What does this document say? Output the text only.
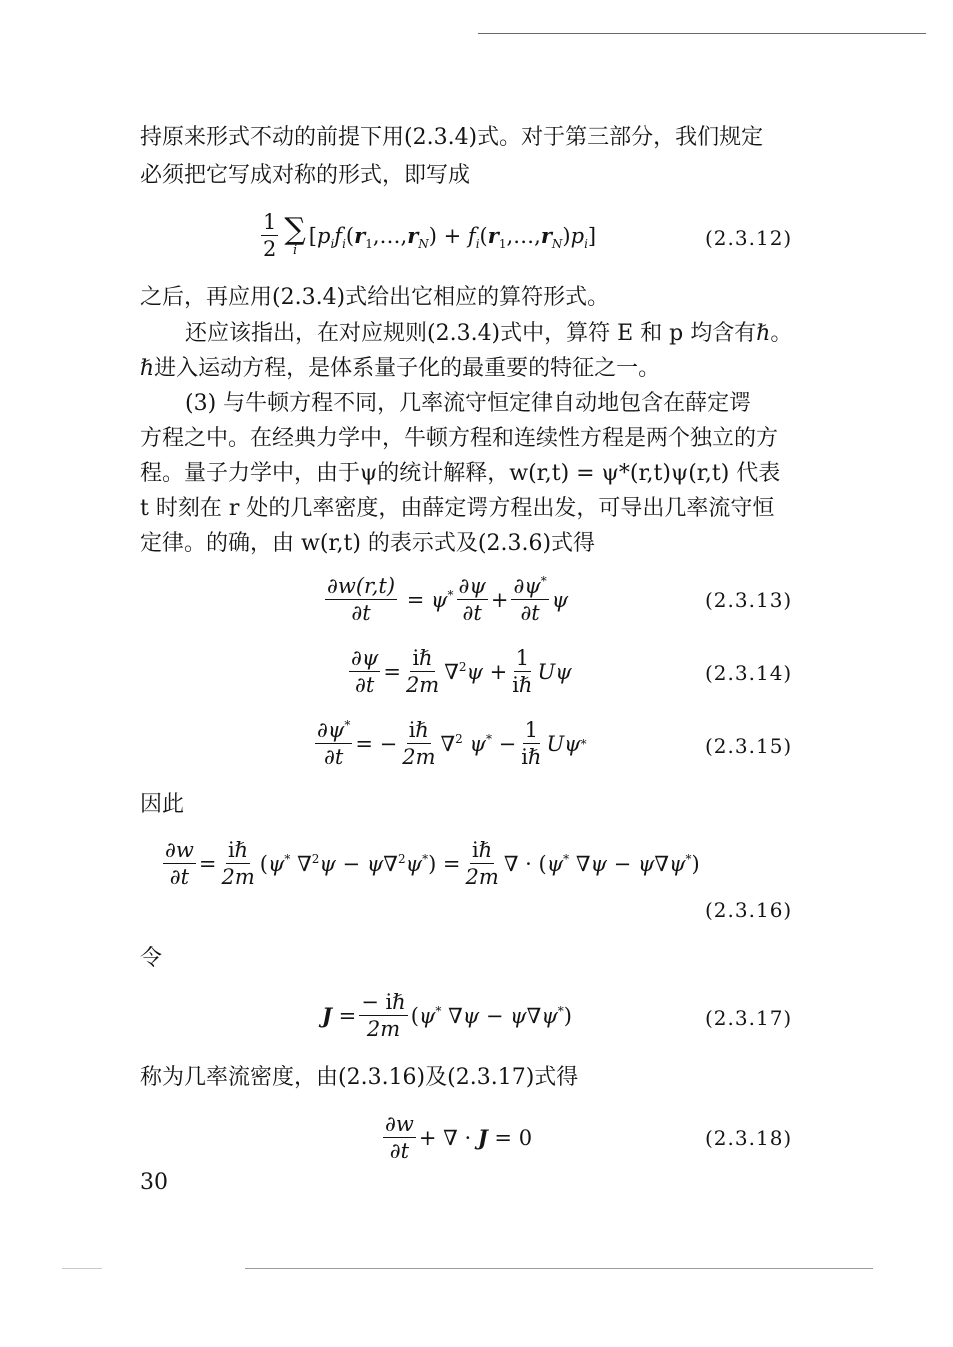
持原来形式不动的前提下用(2.3.4)式。对于第三部分，我们规定
必须把它写成对称的形式，即写成
$\frac{1}{2}$ ∑
i
[$p_if_i(r_1,\dots,r_N)$ + $f_i(r_1,\dots,r_N)p_i$]	(2.3.12)
之后，再应用(2.3.4)式给出它相应的算符形式。
还应该指出，在对应规则(2.3.4)式中，算符 E 和 p 均含有ℏ。
ℏ进入运动方程，是体系量子化的最重要的特征之一。
(3) 与牛顿方程不同，几率流守恒定律自动地包含在薛定谔
方程之中。在经典力学中，牛顿方程和连续性方程是两个独立的方
程。量子力学中，由于ψ的统计解释，w(r,t) = ψ*(r,t)ψ(r,t) 代表
t 时刻在 r 处的几率密度，由薛定谔方程出发，可导出几率流守恒
定律。的确，由 w(r,t) 的表示式及(2.3.6)式得
$\frac{\partial w(r,t)}{\partial t} = \psi^* \frac{\partial\psi}{\partial t} + \frac{\partial\psi^*}{\partial t}$ ψ	(2.3.13)
$\frac{\partial\psi}{\partial t} = \frac{\text{iℏ}}{2m} \nabla^2\psi + \frac{1}{\text{iℏ}}$ Uψ	(2.3.14)
$\frac{\partial\psi^*}{\partial t}$ = − $\frac{\text{iℏ}}{2m} \nabla^2$ $\psi^* - \frac{1}{\text{iℏ}}$ Uψ *	(2.3.15)
因此
$\frac{\partial w}{\partial t} = \frac{\text{iℏ}}{2m} (\psi^*$ $\nabla^2\psi - \psi\nabla^2\psi^*) = \frac{\text{iℏ}}{2m}$ ∇ · (ψ* ∇ψ − ψ∇ψ*)
(2.3.16)
令
$J = \frac{\text{− iℏ}}{2m} (\psi^*$ ∇ψ − ψ∇ψ*)	(2.3.17)
称为几率流密度，由(2.3.16)及(2.3.17)式得
$\frac{\partial w}{\partial t}$ + ∇ · J = 0	(2.3.18)
30
